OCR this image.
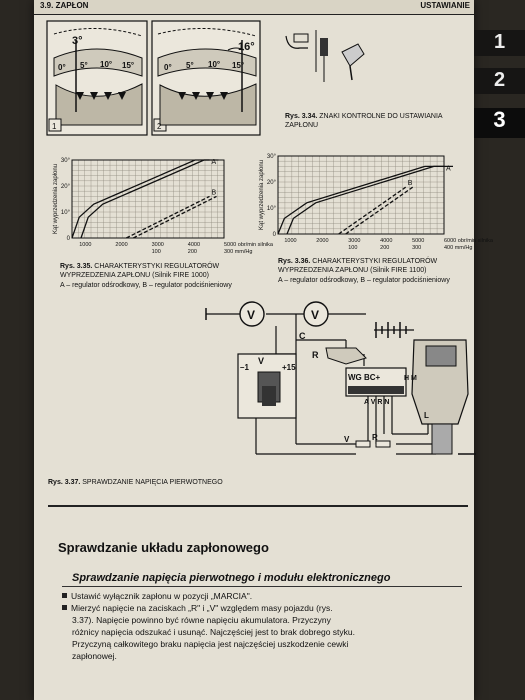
3.9. ZAPŁON	USTAWIANIE
1
2
3
3°	16°
0° 5° 10° 15°	0° 5° 10° 15°
1	2
Rys. 3.34. ZNAKI KONTROLNE DO USTAWIANIA ZAPŁONU
0
10°
20°
30°
1000	2000	3000	4000	5000 obr/min silnika
100	200	300 mm/Hg
Kąt wyprzedzenia zapłonu
A
B
Rys. 3.35. CHARAKTERYSTYKI REGULATORÓW WYPRZEDZENIA ZAPŁONU (Silnik FIRE 1000)
A – regulator odśrodkowy, B – regulator podciśnieniowy
0
10°
20°
30°
1000	2000	3000	4000	5000	6000 obr/min silnika
100	200	300	400 mm/Hg
Kąt wyprzedzenia zapłonu	A
B
Rys. 3.36. CHARAKTERYSTYKI REGULATORÓW WYPRZEDZENIA ZAPŁONU (Silnik FIRE 1100)
A – regulator odśrodkowy, B – regulator podciśnieniowy
V	V
C
V
–1	+15
R
WG BC+	H M
A V R N
L
V	R
Rys. 3.37. SPRAWDZANIE NAPIĘCIA PIERWOTNEGO
Sprawdzanie układu zapłonowego
Sprawdzanie napięcia pierwotnego i modułu elektronicznego
Ustawić wyłącznik zapłonu w pozycji „MARCIA".
Mierzyć napięcie na zaciskach „R" i „V" względem masy pojazdu (rys.
3.37). Napięcie powinno być równe napięciu akumulatora. Przyczyny
różnicy napięcia odszukać i usunąć. Najczęściej jest to brak dobrego styku.
Przyczyną całkowitego braku napięcia jest najczęściej uszkodzenie cewki
zapłonowej.
